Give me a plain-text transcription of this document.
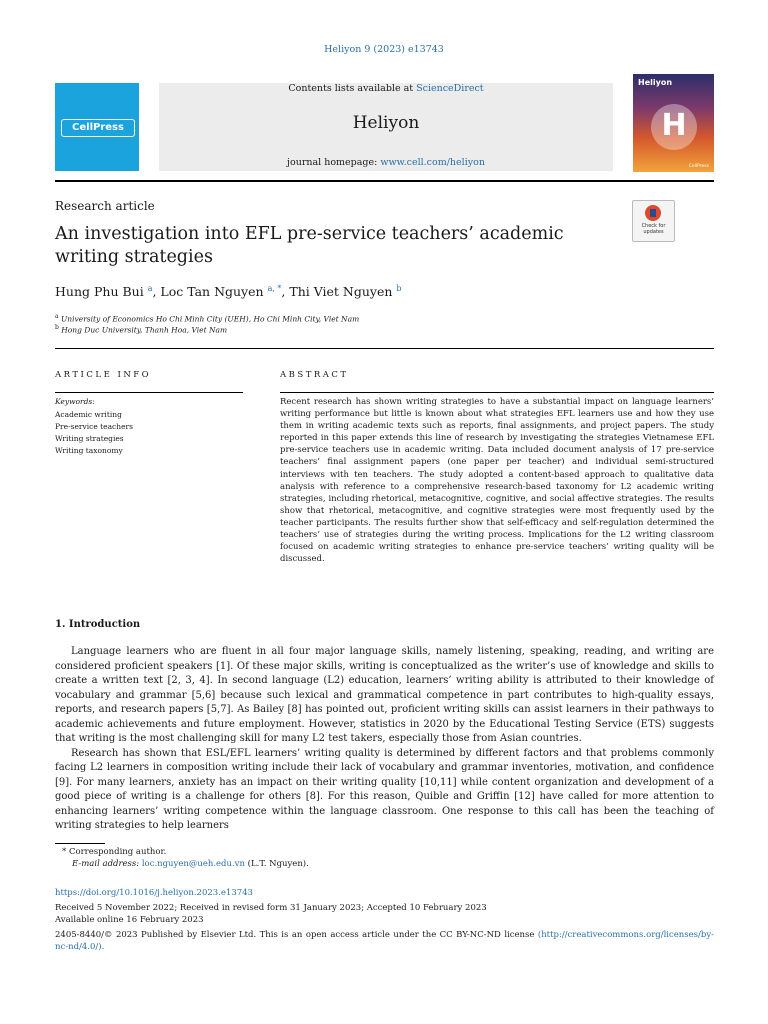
Heliyon 9 (2023) e13743
CellPress
Contents lists available at ScienceDirect
Heliyon
journal homepage: www.cell.com/heliyon
Heliyon
H
CellPress
Research article
Check for updates
An investigation into EFL pre-service teachers’ academic writing strategies
Hung Phu Bui $^a$, Loc Tan Nguyen $^{a, *}$, Thi Viet Nguyen $^b$
$^a$ University of Economics Ho Chi Minh City (UEH), Ho Chi Minh City, Viet Nam
$^b$ Hong Duc University, Thanh Hoa, Viet Nam
ARTICLE INFO
Keywords:
Academic writing
Pre-service teachers
Writing strategies
Writing taxonomy
ABSTRACT
Recent research has shown writing strategies to have a substantial impact on language learners’ writing performance but little is known about what strategies EFL learners use and how they use them in writing academic texts such as reports, final assignments, and project papers. The study reported in this paper extends this line of research by investigating the strategies Vietnamese EFL pre-service teachers use in academic writing. Data included document analysis of 17 pre-service teachers’ final assignment papers (one paper per teacher) and individual semi-structured interviews with ten teachers. The study adopted a content-based approach to qualitative data analysis with reference to a comprehensive research-based taxonomy for L2 academic writing strategies, including rhetorical, metacognitive, cognitive, and social affective strategies. The results show that rhetorical, metacognitive, and cognitive strategies were most frequently used by the teacher participants. The results further show that self-efficacy and self-regulation determined the teachers’ use of strategies during the writing process. Implications for the L2 writing classroom focused on academic writing strategies to enhance pre-service teachers’ writing quality will be discussed.
1. Introduction

Language learners who are fluent in all four major language skills, namely listening, speaking, reading, and writing are considered proficient speakers [1]. Of these major skills, writing is conceptualized as the writer’s use of knowledge and skills to create a written text [2, 3, 4]. In second language (L2) education, learners’ writing ability is attributed to their knowledge of vocabulary and grammar [5,6] because such lexical and grammatical competence in part contributes to high-quality essays, reports, and research papers [5,7]. As Bailey [8] has pointed out, proficient writing skills can assist learners in their pathways to academic achievements and future employment. However, statistics in 2020 by the Educational Testing Service (ETS) suggests that writing is the most challenging skill for many L2 test takers, especially those from Asian countries.

Research has shown that ESL/EFL learners’ writing quality is determined by different factors and that problems commonly facing L2 learners in composition writing include their lack of vocabulary and grammar inventories, motivation, and confidence [9]. For many learners, anxiety has an impact on their writing quality [10,11] while content organization and development of a good piece of writing is a challenge for others [8]. For this reason, Quible and Griffin [12] have called for more attention to enhancing learners’ writing competence within the language classroom. One response to this call has been the teaching of writing strategies to help learners

* Corresponding author.
E-mail address: loc.nguyen@ueh.edu.vn (L.T. Nguyen).
https://doi.org/10.1016/j.heliyon.2023.e13743
Received 5 November 2022; Received in revised form 31 January 2023; Accepted 10 February 2023
Available online 16 February 2023
2405-8440/© 2023 Published by Elsevier Ltd. This is an open access article under the CC BY-NC-ND license (http://creativecommons.org/licenses/by-nc-nd/4.0/).
